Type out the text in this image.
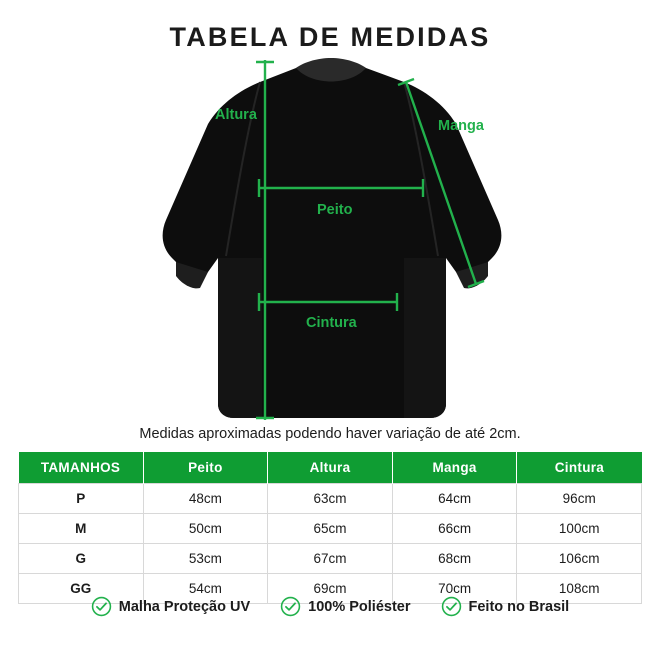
TABELA DE MEDIDAS
Altura
Manga
Peito
Cintura
Medidas aproximadas podendo haver variação de até 2cm.
TAMANHOS	Peito	Altura	Manga	Cintura
P	48cm	63cm	64cm	96cm
M	50cm	65cm	66cm	100cm
G	53cm	67cm	68cm	106cm
GG	54cm	69cm	70cm	108cm
Malha Proteção UV	100% Poliéster	Feito no Brasil
